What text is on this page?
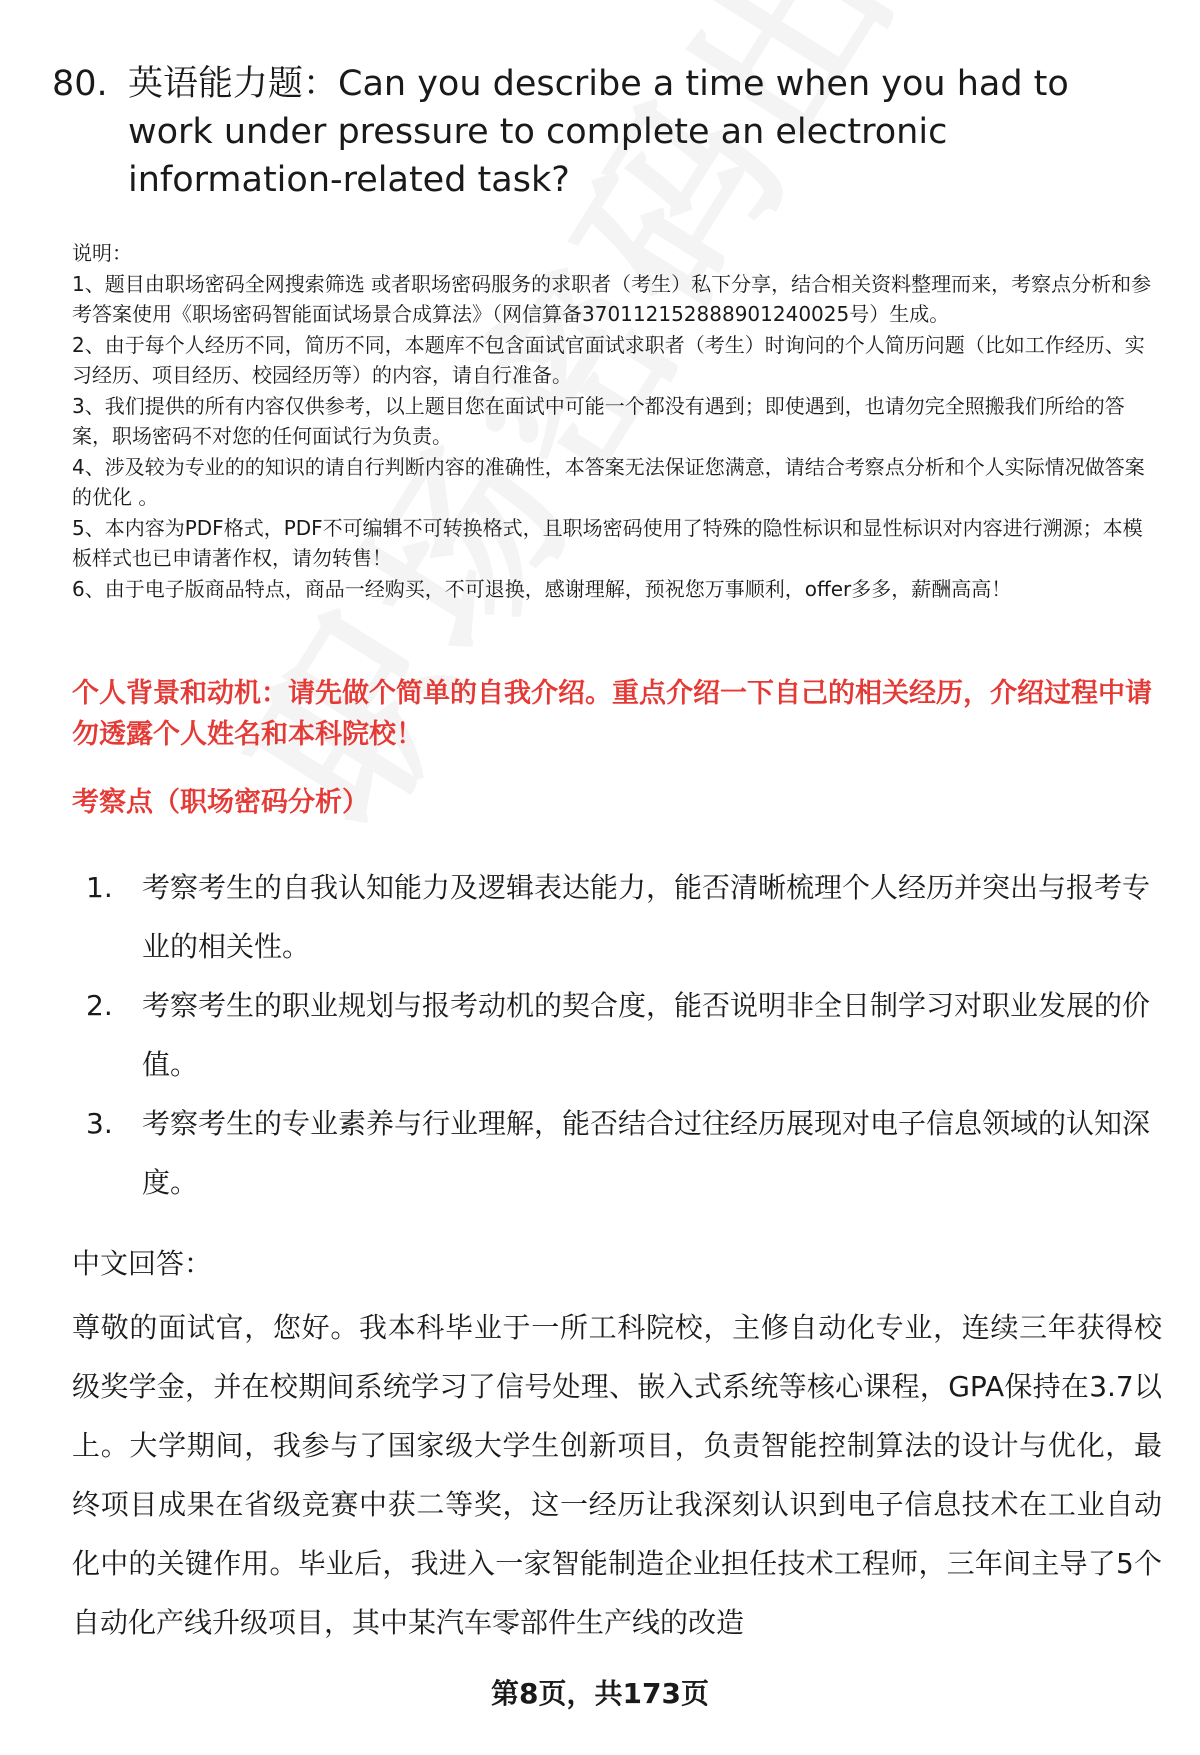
80. 英语能力题：Can you describe a time when you had to work under pressure to complete an electronic information-related task?

说明：

1、题目由职场密码全网搜索筛选 或者职场密码服务的求职者（考生）私下分享，结合相关资料整理而来，考察点分析和参考答案使用《职场密码智能面试场景合成算法》（网信算备370112152888901240025号）生成。

2、由于每个人经历不同，简历不同，本题库不包含面试官面试求职者（考生）时询问的个人简历问题（比如工作经历、实习经历、项目经历、校园经历等）的内容，请自行准备。

3、我们提供的所有内容仅供参考，以上题目您在面试中可能一个都没有遇到；即使遇到，也请勿完全照搬我们所给的答案，职场密码不对您的任何面试行为负责。

4、涉及较为专业的的知识的请自行判断内容的准确性，本答案无法保证您满意，请结合考察点分析和个人实际情况做答案的优化 。

5、本内容为PDF格式，PDF不可编辑不可转换格式，且职场密码使用了特殊的隐性标识和显性标识对内容进行溯源；本模板样式也已申请著作权，请勿转售！

6、由于电子版商品特点，商品一经购买，不可退换，感谢理解，预祝您万事顺利，offer多多，薪酬高高！

个人背景和动机：请先做个简单的自我介绍。重点介绍一下自己的相关经历，介绍过程中请勿透露个人姓名和本科院校！
考察点（职场密码分析）
1.	考察考生的自我认知能力及逻辑表达能力，能否清晰梳理个人经历并突出与报考专业的相关性。
2.	考察考生的职业规划与报考动机的契合度，能否说明非全日制学习对职业发展的价值。
3.	考察考生的专业素养与行业理解，能否结合过往经历展现对电子信息领域的认知深度。
中文回答：
尊敬的面试官，您好。我本科毕业于一所工科院校，主修自动化专业，连续三年获得校级奖学金，并在校期间系统学习了信号处理、嵌入式系统等核心课程，GPA保持在3.7以上。大学期间，我参与了国家级大学生创新项目，负责智能控制算法的设计与优化，最终项目成果在省级竞赛中获二等奖，这一经历让我深刻认识到电子信息技术在工业自动化中的关键作用。毕业后，我进入一家智能制造企业担任技术工程师，三年间主导了5个自动化产线升级项目，其中某汽车零部件生产线的改造
第8页，共173页
